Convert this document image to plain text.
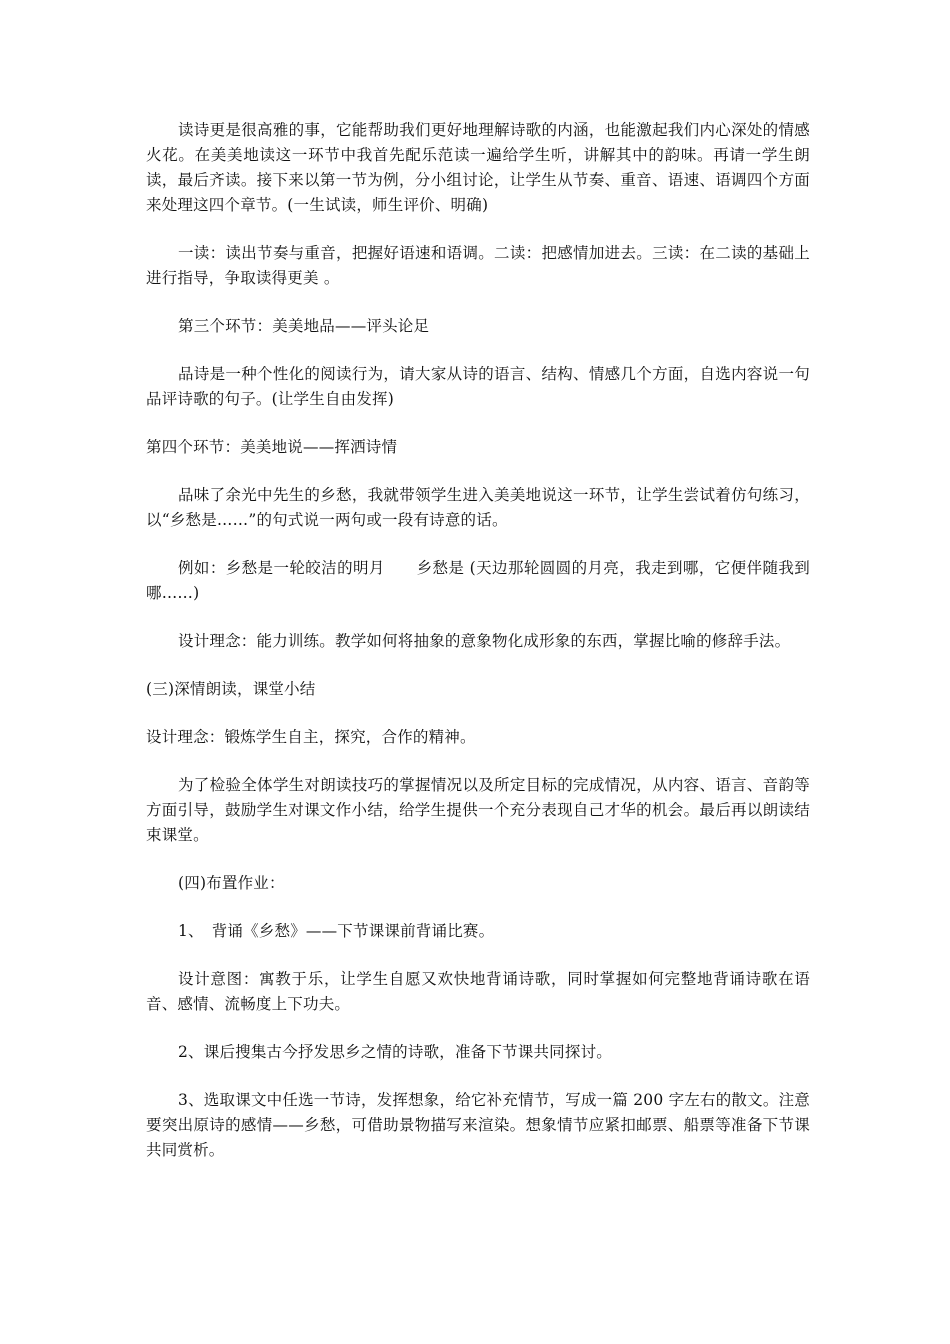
读诗更是很高雅的事，它能帮助我们更好地理解诗歌的内涵，也能激起我们内心深处的情感火花。在美美地读这一环节中我首先配乐范读一遍给学生听，讲解其中的韵味。再请一学生朗读，最后齐读。接下来以第一节为例，分小组讨论，让学生从节奏、重音、语速、语调四个方面来处理这四个章节。(一生试读，师生评价、明确)

一读：读出节奏与重音，把握好语速和语调。二读：把感情加进去。三读：在二读的基础上进行指导，争取读得更美 。

第三个环节：美美地品——评头论足

品诗是一种个性化的阅读行为，请大家从诗的语言、结构、情感几个方面，自选内容说一句品评诗歌的句子。(让学生自由发挥)

第四个环节：美美地说——挥洒诗情

品味了余光中先生的乡愁，我就带领学生进入美美地说这一环节，让学生尝试着仿句练习，以“乡愁是……”的句式说一两句或一段有诗意的话。

例如：乡愁是一轮皎洁的明月　　乡愁是 (天边那轮圆圆的月亮，我走到哪，它便伴随我到哪……)

设计理念：能力训练。教学如何将抽象的意象物化成形象的东西，掌握比喻的修辞手法。

(三)深情朗读，课堂小结

设计理念：锻炼学生自主，探究，合作的精神。

为了检验全体学生对朗读技巧的掌握情况以及所定目标的完成情况，从内容、语言、音韵等方面引导，鼓励学生对课文作小结，给学生提供一个充分表现自己才华的机会。最后再以朗读结束课堂。

(四)布置作业：

1、　背诵《乡愁》——下节课课前背诵比赛。

设计意图：寓教于乐，让学生自愿又欢快地背诵诗歌，同时掌握如何完整地背诵诗歌在语音、感情、流畅度上下功夫。

2、课后搜集古今抒发思乡之情的诗歌，准备下节课共同探讨。

3、选取课文中任选一节诗，发挥想象，给它补充情节，写成一篇 200 字左右的散文。注意要突出原诗的感情——乡愁，可借助景物描写来渲染。想象情节应紧扣邮票、船票等准备下节课共同赏析。
